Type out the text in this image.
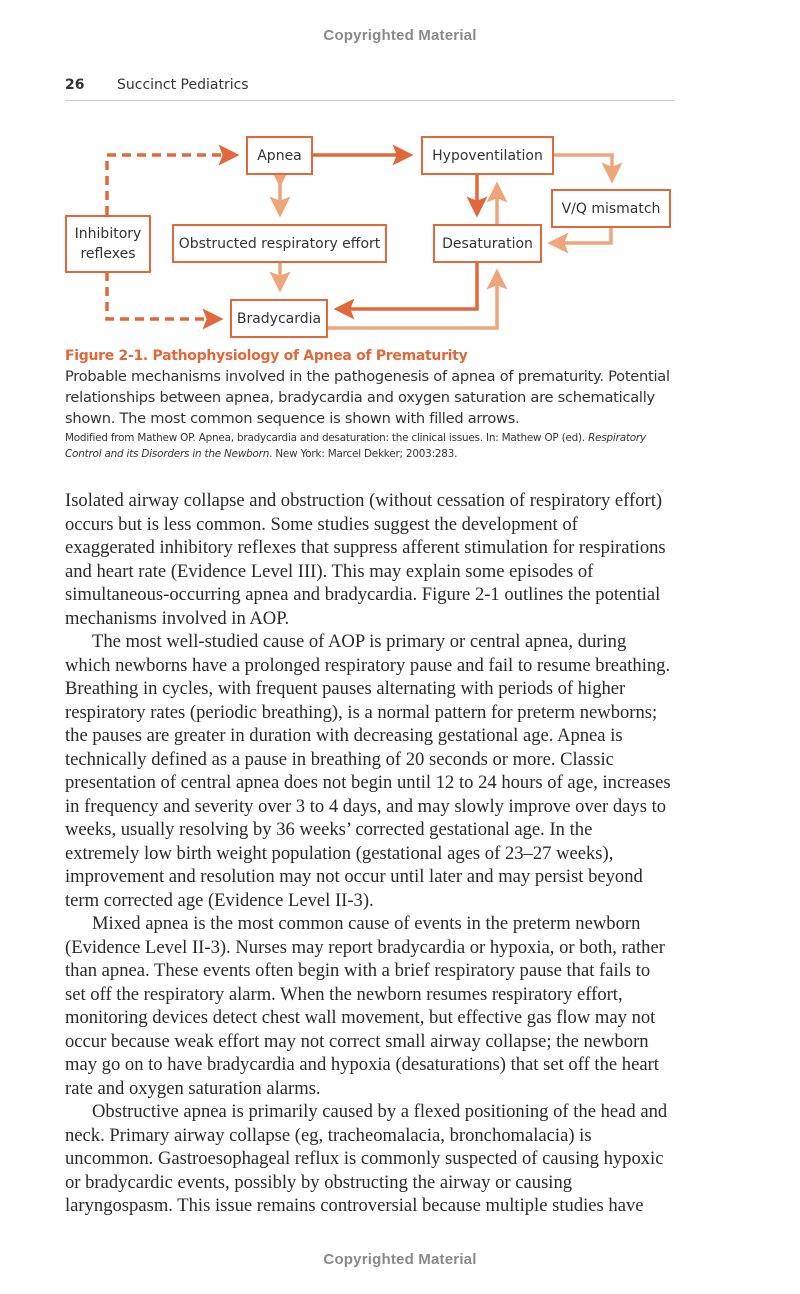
Copyrighted Material
26 Succinct Pediatrics
Apnea	Hypoventilation
V/Q mismatch
Inhibitory
reflexes
Obstructed respiratory effort	Desaturation
Bradycardia
Figure 2-1. Pathophysiology of Apnea of Prematurity
Probable mechanisms involved in the pathogenesis of apnea of prematurity. Potential relationships between apnea, bradycardia and oxygen saturation are schematically shown. The most common sequence is shown with filled arrows.
Modified from Mathew OP. Apnea, bradycardia and desaturation: the clinical issues. In: Mathew OP (ed). Respiratory Control and its Disorders in the Newborn. New York: Marcel Dekker; 2003:283.

Isolated airway collapse and obstruction (without cessation of respiratory effort) occurs but is less common. Some studies suggest the development of exaggerated inhibitory reflexes that suppress afferent stimulation for respirations and heart rate (Evidence Level III). This may explain some episodes of simultaneous-occurring apnea and bradycardia. Figure 2-1 outlines the potential mechanisms involved in AOP.

The most well-studied cause of AOP is primary or central apnea, during which newborns have a prolonged respiratory pause and fail to resume breathing. Breathing in cycles, with frequent pauses alternating with periods of higher respiratory rates (periodic breathing), is a normal pattern for preterm newborns; the pauses are greater in duration with decreasing gestational age. Apnea is technically defined as a pause in breathing of 20 seconds or more. Classic presentation of central apnea does not begin until 12 to 24 hours of age, increases in frequency and severity over 3 to 4 days, and may slowly improve over days to weeks, usually resolving by 36 weeks’ corrected gestational age. In the extremely low birth weight population (gestational ages of 23–27 weeks), improvement and resolution may not occur until later and may persist beyond term corrected age (Evidence Level II-3).

Mixed apnea is the most common cause of events in the preterm newborn (Evidence Level II-3). Nurses may report bradycardia or hypoxia, or both, rather than apnea. These events often begin with a brief respiratory pause that fails to set off the respiratory alarm. When the newborn resumes respiratory effort, monitoring devices detect chest wall movement, but effective gas flow may not occur because weak effort may not correct small airway collapse; the newborn may go on to have bradycardia and hypoxia (desaturations) that set off the heart rate and oxygen saturation alarms.

Obstructive apnea is primarily caused by a flexed positioning of the head and neck. Primary airway collapse (eg, tracheomalacia, bronchomalacia) is uncommon. Gastroesophageal reflux is commonly suspected of causing hypoxic or bradycardic events, possibly by obstructing the airway or causing laryngospasm. This issue remains controversial because multiple studies have

Copyrighted Material
